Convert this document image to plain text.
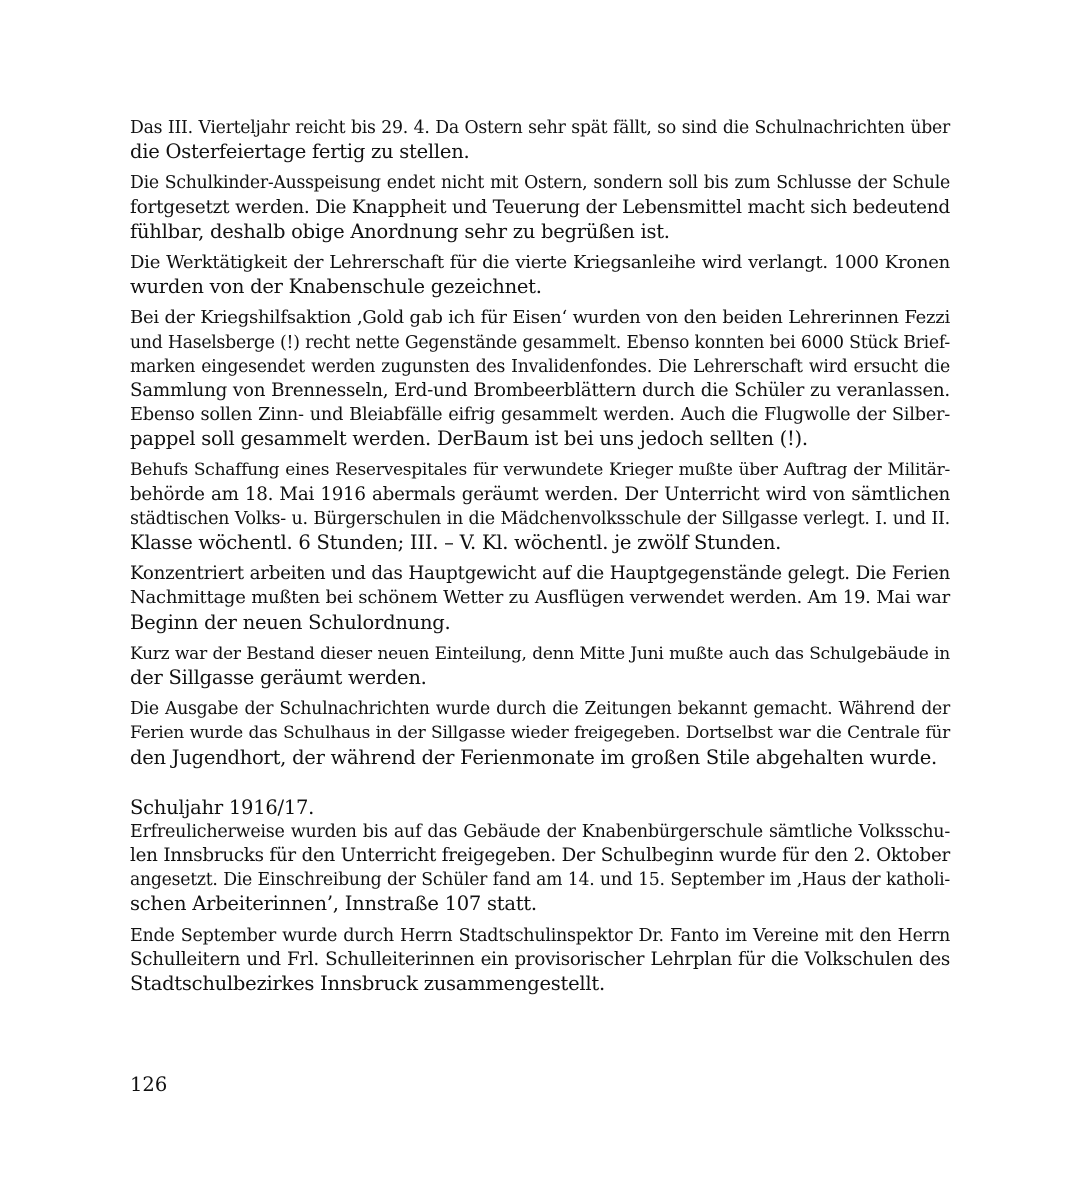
Das III. Vierteljahr reicht bis 29. 4. Da Ostern sehr spät fällt, so sind die Schulnachrichten über
die Osterfeiertage fertig zu stellen.
Die Schulkinder-Ausspeisung endet nicht mit Ostern, sondern soll bis zum Schlusse der Schule
fortgesetzt werden. Die Knappheit und Teuerung der Lebensmittel macht sich bedeutend
fühlbar, deshalb obige Anordnung sehr zu begrüßen ist.
Die Werktätigkeit der Lehrerschaft für die vierte Kriegsanleihe wird verlangt. 1000 Kronen
wurden von der Knabenschule gezeichnet.
Bei der Kriegshilfsaktion ‚Gold gab ich für Eisen‘ wurden von den beiden Lehrerinnen Fezzi
und Haselsberge (!) recht nette Gegenstände gesammelt. Ebenso konnten bei 6000 Stück Brief-
marken eingesendet werden zugunsten des Invalidenfondes. Die Lehrerschaft wird ersucht die
Sammlung von Brennesseln, Erd-und Brombeerblättern durch die Schüler zu veranlassen.
Ebenso sollen Zinn- und Bleiabfälle eifrig gesammelt werden. Auch die Flugwolle der Silber-
pappel soll gesammelt werden. DerBaum ist bei uns jedoch sellten (!).
Behufs Schaffung eines Reservespitales für verwundete Krieger mußte über Auftrag der Militär-
behörde am 18. Mai 1916 abermals geräumt werden. Der Unterricht wird von sämtlichen
städtischen Volks- u. Bürgerschulen in die Mädchenvolksschule der Sillgasse verlegt. I. und II.
Klasse wöchentl. 6 Stunden; III. – V. Kl. wöchentl. je zwölf Stunden.
Konzentriert arbeiten und das Hauptgewicht auf die Hauptgegenstände gelegt. Die Ferien
Nachmittage mußten bei schönem Wetter zu Ausflügen verwendet werden. Am 19. Mai war
Beginn der neuen Schulordnung.
Kurz war der Bestand dieser neuen Einteilung, denn Mitte Juni mußte auch das Schulgebäude in
der Sillgasse geräumt werden.
Die Ausgabe der Schulnachrichten wurde durch die Zeitungen bekannt gemacht. Während der
Ferien wurde das Schulhaus in der Sillgasse wieder freigegeben. Dortselbst war die Centrale für
den Jugendhort, der während der Ferienmonate im großen Stile abgehalten wurde.
Schuljahr 1916/17.
Erfreulicherweise wurden bis auf das Gebäude der Knabenbürgerschule sämtliche Volksschu-
len Innsbrucks für den Unterricht freigegeben. Der Schulbeginn wurde für den 2. Oktober
angesetzt. Die Einschreibung der Schüler fand am 14. und 15. September im ‚Haus der katholi-
schen Arbeiterinnen’, Innstraße 107 statt.
Ende September wurde durch Herrn Stadtschulinspektor Dr. Fanto im Vereine mit den Herrn
Schulleitern und Frl. Schulleiterinnen ein provisorischer Lehrplan für die Volkschulen des
Stadtschulbezirkes Innsbruck zusammengestellt.
126
